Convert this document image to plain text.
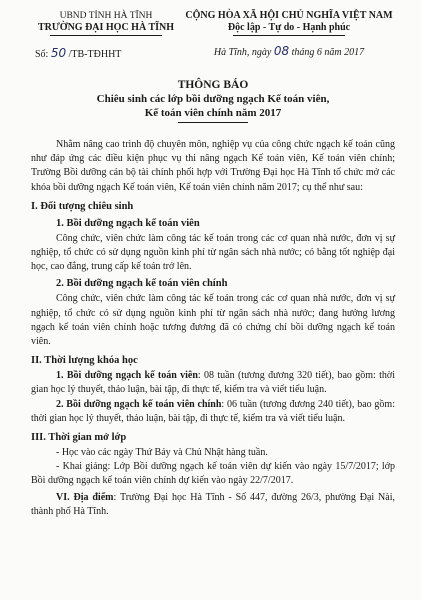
UBND TỈNH HÀ TĨNH
TRƯỜNG ĐẠI HỌC HÀ TĨNH
Số: 50 /TB-TĐHHT
CỘNG HÒA XÃ HỘI CHỦ NGHĨA VIỆT NAM
Độc lập - Tự do - Hạnh phúc
Hà Tĩnh, ngày 08 tháng 6 năm 2017
THÔNG BÁO
Chiêu sinh các lớp bồi dưỡng ngạch Kế toán viên,
Kế toán viên chính năm 2017

Nhằm nâng cao trình độ chuyên môn, nghiệp vụ của công chức ngạch kế toán cũng như đáp ứng các điều kiện phục vụ thi nâng ngạch Kế toán viên, Kế toán viên chính; Trường Bồi dưỡng cán bộ tài chính phối hợp với Trường Đại học Hà Tĩnh tổ chức mở các khóa bồi dưỡng ngạch Kế toán viên, Kế toán viên chính năm 2017; cụ thể như sau:

I. Đối tượng chiêu sinh
1. Bồi dưỡng ngạch kế toán viên

Công chức, viên chức làm công tác kế toán trong các cơ quan nhà nước, đơn vị sự nghiệp, tổ chức có sử dụng nguồn kinh phí từ ngân sách nhà nước; có bằng tốt nghiệp đại học, cao đẳng, trung cấp kế toán trở lên.

2. Bồi dưỡng ngạch kế toán viên chính

Công chức, viên chức làm công tác kế toán trong các cơ quan nhà nước, đơn vị sự nghiệp, tổ chức có sử dụng nguồn kinh phí từ ngân sách nhà nước; đang hưởng lương ngạch kế toán viên chính hoặc tương đương đã có chứng chỉ bồi dưỡng ngạch kế toán viên.

II. Thời lượng khóa học

1. Bồi dưỡng ngạch kế toán viên: 08 tuần (tương đương 320 tiết), bao gồm: thời gian học lý thuyết, thảo luận, bài tập, đi thực tế, kiểm tra và viết tiểu luận.

2. Bồi dưỡng ngạch kế toán viên chính: 06 tuần (tương đương 240 tiết), bao gồm: thời gian học lý thuyết, thảo luận, bài tập, đi thực tế, kiểm tra và viết tiểu luận.

III. Thời gian mở lớp

- Học vào các ngày Thứ Bảy và Chủ Nhật hàng tuần.

- Khai giảng: Lớp Bồi dưỡng ngạch kế toán viên dự kiến vào ngày 15/7/2017; lớp Bồi dưỡng ngạch kế toán viên chính dự kiến vào ngày 22/7/2017.

VI. Địa điểm: Trường Đại học Hà Tĩnh - Số 447, đường 26/3, phường Đại Nài, thành phố Hà Tĩnh.
